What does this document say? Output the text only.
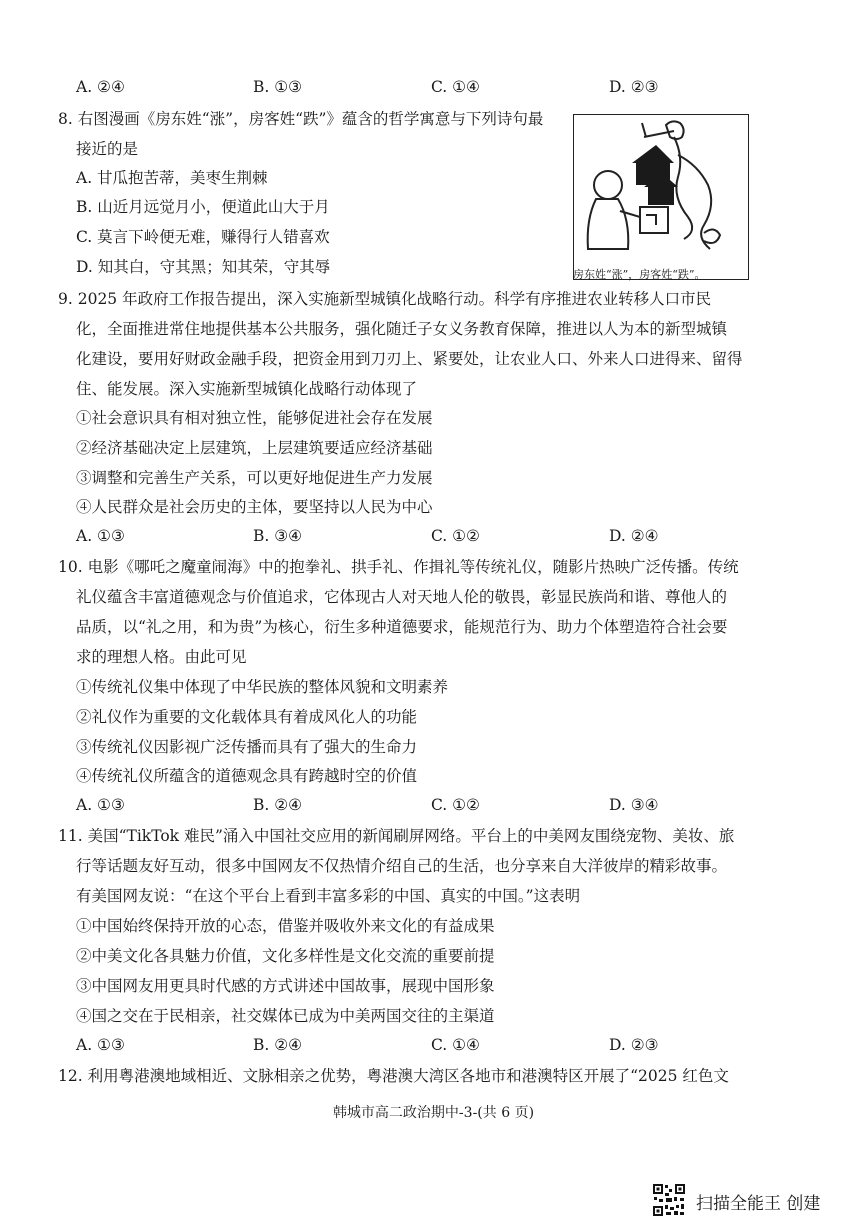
A. ②④	B. ①③	C. ①④	D. ②③
8. 右图漫画《房东姓“涨”，房客姓“跌”》蕴含的哲学寓意与下列诗句最
接近的是
A. 甘瓜抱苦蒂，美枣生荆棘
B. 山近月远觉月小，便道此山大于月
C. 莫言下岭便无难，赚得行人错喜欢
D. 知其白，守其黑；知其荣，守其辱	房东姓“涨”，房客姓“跌”。
9. 2025 年政府工作报告提出，深入实施新型城镇化战略行动。科学有序推进农业转移人口市民
化，全面推进常住地提供基本公共服务，强化随迁子女义务教育保障，推进以人为本的新型城镇
化建设，要用好财政金融手段，把资金用到刀刃上、紧要处，让农业人口、外来人口进得来、留得
住、能发展。深入实施新型城镇化战略行动体现了
①社会意识具有相对独立性，能够促进社会存在发展
②经济基础决定上层建筑，上层建筑要适应经济基础
③调整和完善生产关系，可以更好地促进生产力发展
④人民群众是社会历史的主体，要坚持以人民为中心
A. ①③	B. ③④	C. ①②	D. ②④
10. 电影《哪吒之魔童闹海》中的抱拳礼、拱手礼、作揖礼等传统礼仪，随影片热映广泛传播。传统
礼仪蕴含丰富道德观念与价值追求，它体现古人对天地人伦的敬畏，彰显民族尚和谐、尊他人的
品质，以“礼之用，和为贵”为核心，衍生多种道德要求，能规范行为、助力个体塑造符合社会要
求的理想人格。由此可见
①传统礼仪集中体现了中华民族的整体风貌和文明素养
②礼仪作为重要的文化载体具有着成风化人的功能
③传统礼仪因影视广泛传播而具有了强大的生命力
④传统礼仪所蕴含的道德观念具有跨越时空的价值
A. ①③	B. ②④	C. ①②	D. ③④
11. 美国“TikTok 难民”涌入中国社交应用的新闻刷屏网络。平台上的中美网友围绕宠物、美妆、旅
行等话题友好互动，很多中国网友不仅热情介绍自己的生活，也分享来自大洋彼岸的精彩故事。
有美国网友说：“在这个平台上看到丰富多彩的中国、真实的中国。”这表明
①中国始终保持开放的心态，借鉴并吸收外来文化的有益成果
②中美文化各具魅力价值，文化多样性是文化交流的重要前提
③中国网友用更具时代感的方式讲述中国故事，展现中国形象
④国之交在于民相亲，社交媒体已成为中美两国交往的主渠道
A. ①③	B. ②④	C. ①④	D. ②③
12. 利用粤港澳地域相近、文脉相亲之优势，粤港澳大湾区各地市和港澳特区开展了“2025 红色文
韩城市高二政治期中-3-(共 6 页)
扫描全能王 创建
